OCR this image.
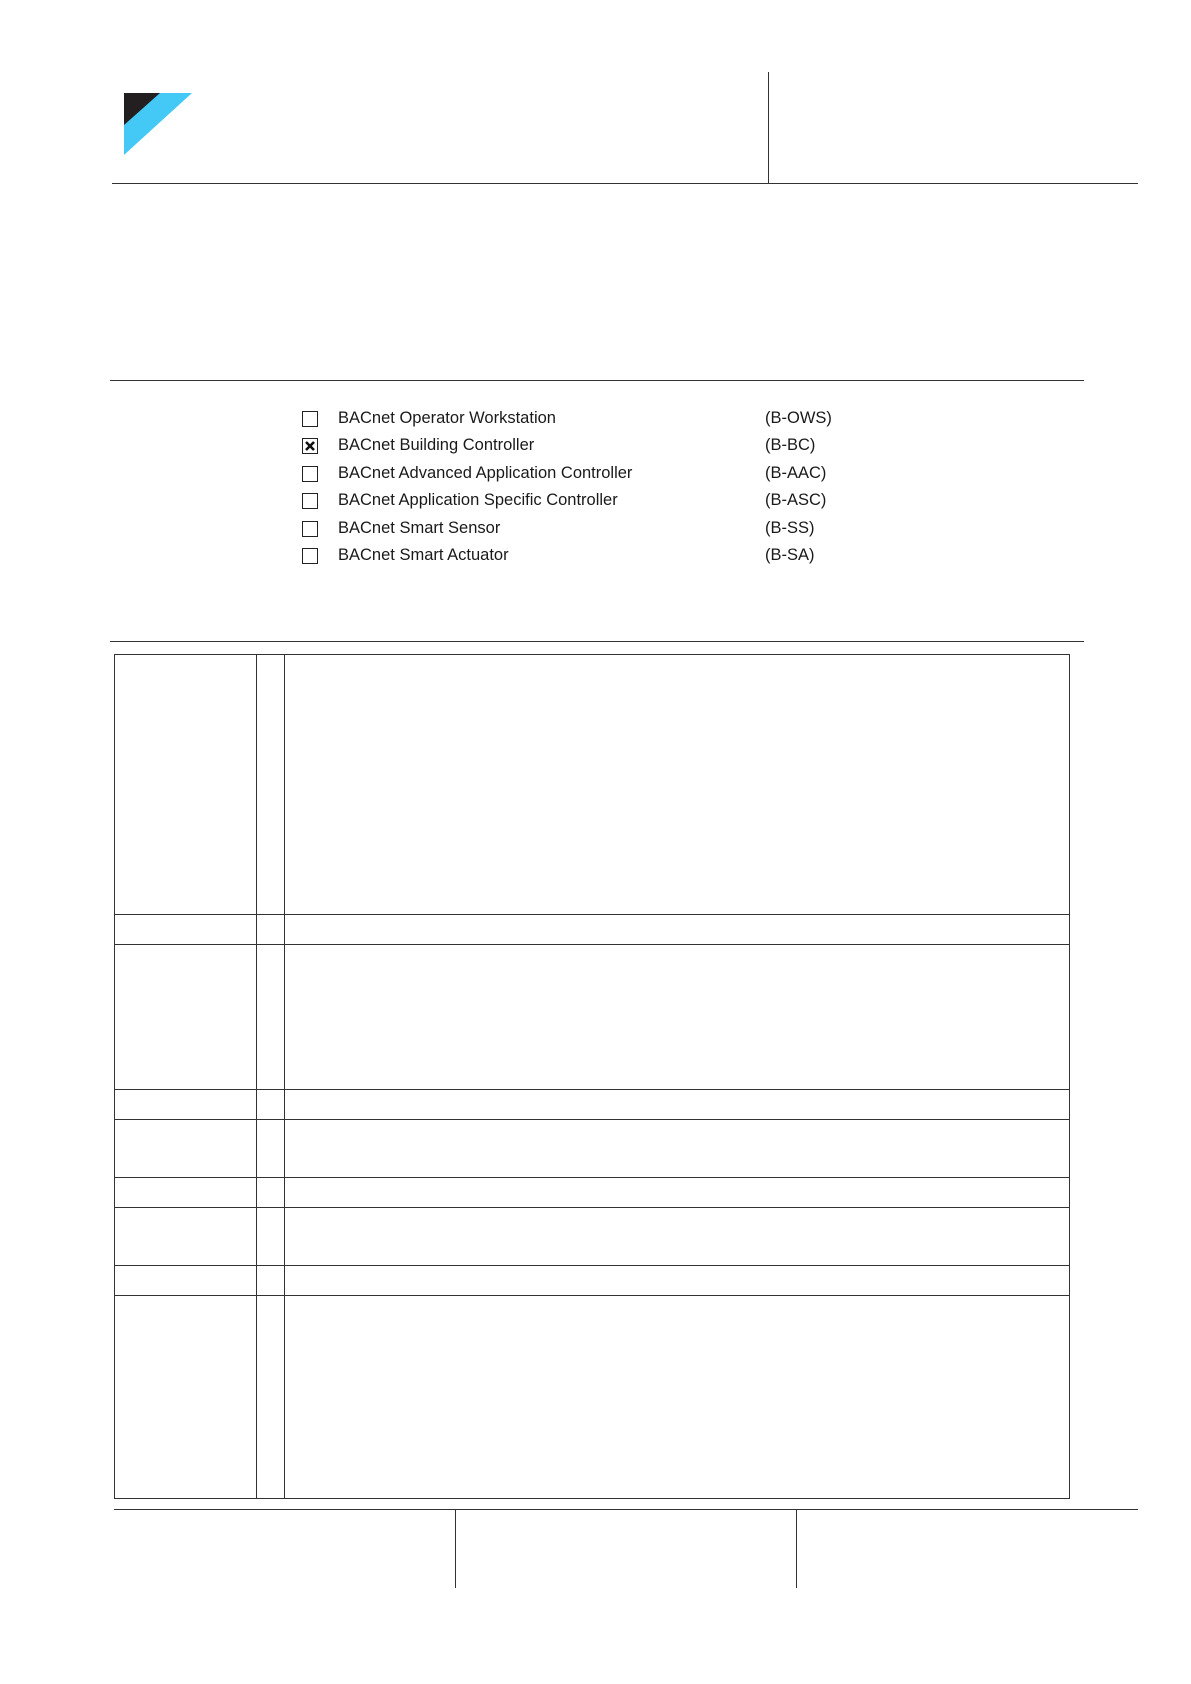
BACnet Operator Workstation	(B-OWS)
BACnet Building Controller	(B-BC)
BACnet Advanced Application Controller	(B-AAC)
BACnet Application Specific Controller	(B-ASC)
BACnet Smart Sensor	(B-SS)
BACnet Smart Actuator	(B-SA)
